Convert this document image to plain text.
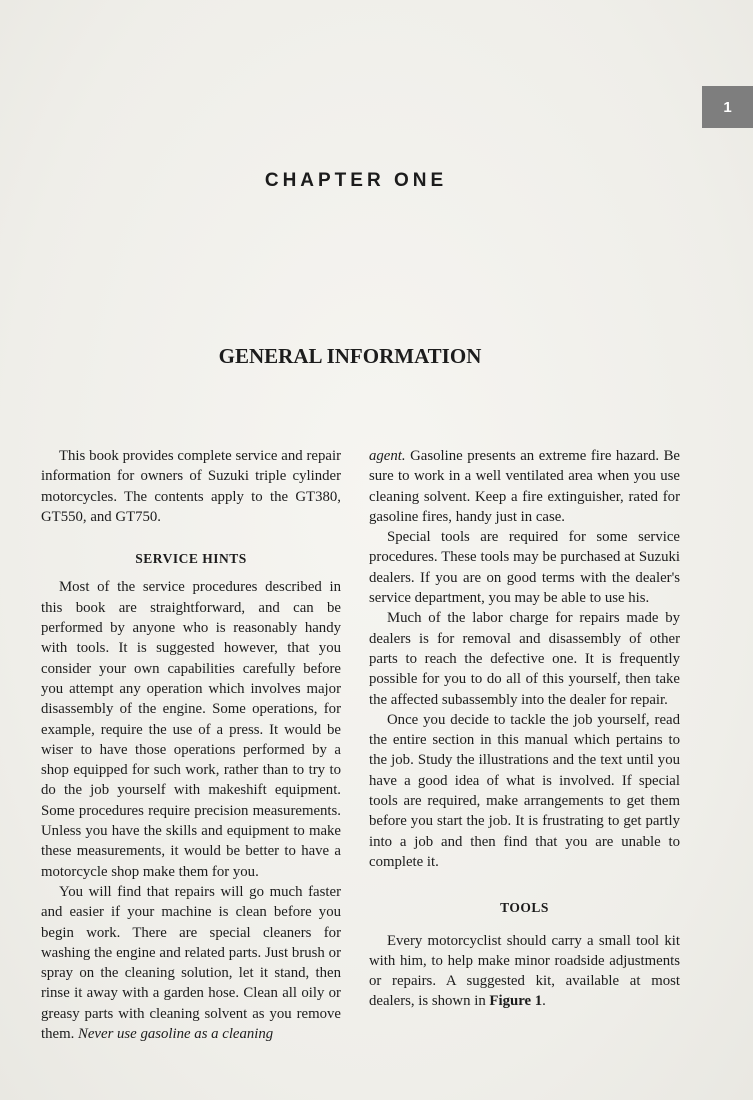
1
CHAPTER ONE
GENERAL INFORMATION

This book provides complete service and repair information for owners of Suzuki triple cylinder motorcycles. The contents apply to the GT380, GT550, and GT750.

SERVICE HINTS

Most of the service procedures described in this book are straightforward, and can be performed by anyone who is reasonably handy with tools. It is suggested however, that you consider your own capabilities carefully before you attempt any operation which involves major disassembly of the engine. Some operations, for example, require the use of a press. It would be wiser to have those operations performed by a shop equipped for such work, rather than to try to do the job yourself with makeshift equipment. Some procedures require precision measurements. Unless you have the skills and equipment to make these measurements, it would be better to have a motorcycle shop make them for you.

You will find that repairs will go much faster and easier if your machine is clean before you begin work. There are special cleaners for washing the engine and related parts. Just brush or spray on the cleaning solution, let it stand, then rinse it away with a garden hose. Clean all oily or greasy parts with cleaning solvent as you remove them. Never use gasoline as a cleaning

agent. Gasoline presents an extreme fire hazard. Be sure to work in a well ventilated area when you use cleaning solvent. Keep a fire extinguisher, rated for gasoline fires, handy just in case.

Special tools are required for some service procedures. These tools may be purchased at Suzuki dealers. If you are on good terms with the dealer's service department, you may be able to use his.

Much of the labor charge for repairs made by dealers is for removal and disassembly of other parts to reach the defective one. It is frequently possible for you to do all of this yourself, then take the affected subassembly into the dealer for repair.

Once you decide to tackle the job yourself, read the entire section in this manual which pertains to the job. Study the illustrations and the text until you have a good idea of what is involved. If special tools are required, make arrangements to get them before you start the job. It is frustrating to get partly into a job and then find that you are unable to complete it.

TOOLS

Every motorcyclist should carry a small tool kit with him, to help make minor roadside adjustments or repairs. A suggested kit, available at most dealers, is shown in Figure 1.
